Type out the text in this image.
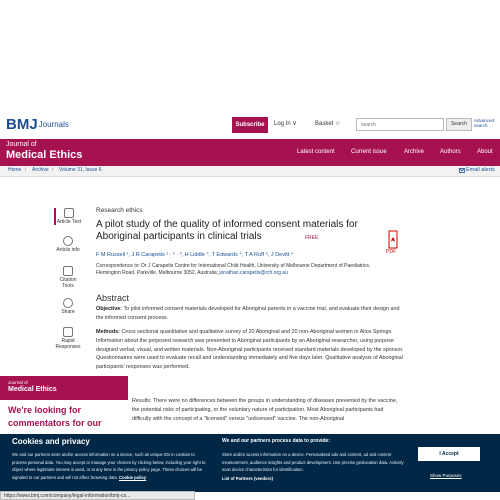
$BMJ_{Journals}$	Subscribe	Log In ∨	Basket ☆
search	Search
Advanced search
Journal of
Medical Ethics	Latest content	Current issue	Archive	Authors	About
Home / Archive / Volume 31, Issue 6	Email alerts
Article Text
Article info
Citation Tools
Share
Rapid Responses
Research ethics
A pilot study of the quality of informed consent materials for Aboriginal participants in clinical trials	FREE
PDF
F M Russell ¹, J R Carapetis ¹ · ² · ³, H Liddle ⁴, T Edwards ⁴, T A Ruff ⁵, J Devitt ⁴
Correspondence to: Dr J Carapetis Centre for International Child Health, University of Melbourne Department of Paediatrics, Flemington Road, Parkville, Melbourne 3052, Australia; jonathan.carapetis@rch.org.au
Abstract
Objective: To pilot informed consent materials developed for Aboriginal parents in a vaccine trial, and evaluate their design and the informed consent process.
Methods: Cross sectional quantitative and qualitative survey of 20 Aboriginal and 20 non-Aboriginal women in Alice Springs. Information about the proposed research was presented to Aboriginal participants by an Aboriginal researcher, using purpose designed verbal, visual, and written materials. Non-Aboriginal participants received standard materials developed by the sponsor. Questionnaires were used to evaluate recall and understanding immediately and five days later. Qualitative analysis of Aboriginal participants' responses was performed.
Results: There were no differences between the groups in understanding of diseases prevented by the vaccine, the potential risks of participating, or the voluntary nature of participation. Most Aboriginal participants had difficulty with the concept of a "licensed" versus "unlicensed" vaccine. The non-Aboriginal
Journal of
Medical Ethics
We're looking for commentators for our
Cookies and privacy
We and our partners store and/or access information on a device, such as unique IDs in cookies to process personal data. You may accept or manage your choices by clicking below, including your right to object where legitimate interest is used, or at any time in the privacy policy page. These choices will be signaled to our partners and will not affect browsing data. Cookie policy
We and our partners process data to provide:
Store and/or access information on a device. Personalised ads and content, ad and content measurement, audience insights and product development. Use precise geolocation data. Actively scan device characteristics for identification.
List of Partners (vendors)
I Accept
Show Purposes
https://www.bmj.com/company/legal-information/bmj-co...
